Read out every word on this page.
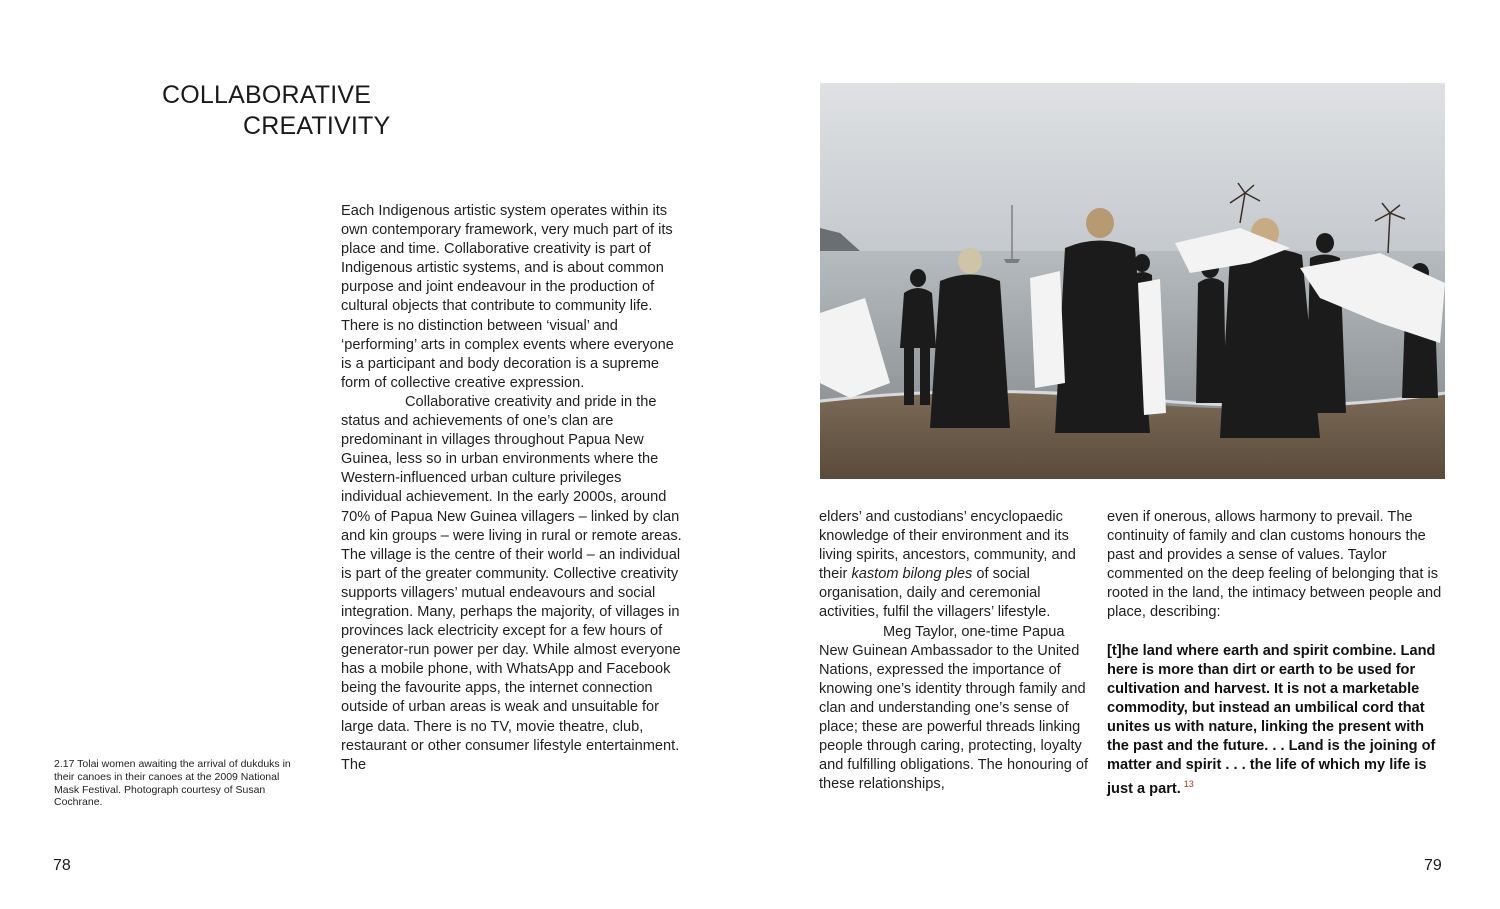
COLLABORATIVE
CREATIVITY

Each Indigenous artistic system operates within its own contemporary framework, very much part of its place and time. Collaborative creativity is part of Indigenous artistic systems, and is about common purpose and joint endeavour in the production of cultural objects that contribute to community life. There is no distinction between ‘visual’ and ‘performing’ arts in complex events where everyone is a participant and body decoration is a supreme form of collective creative expression.

Collaborative creativity and pride in the status and achievements of one’s clan are predominant in villages throughout Papua New Guinea, less so in urban environments where the Western-influenced urban culture privileges individual achievement. In the early 2000s, around 70% of Papua New Guinea villagers – linked by clan and kin groups – were living in rural or remote areas. The village is the centre of their world – an individual is part of the greater community. Collective creativity supports villagers’ mutual endeavours and social integration. Many, perhaps the majority, of villages in provinces lack electricity except for a few hours of generator-run power per day. While almost everyone has a mobile phone, with WhatsApp and Facebook being the favourite apps, the internet connection outside of urban areas is weak and unsuitable for large data. There is no TV, movie theatre, club, restaurant or other consumer lifestyle entertainment. The

2.17 Tolai women awaiting the arrival of dukduks in their canoes in their canoes at the 2009 National Mask Festival. Photograph courtesy of Susan Cochrane.
78

elders’ and custodians’ encyclopaedic knowledge of their environment and its living spirits, ancestors, community, and their kastom bilong ples of social organisation, daily and ceremonial activities, fulfil the villagers’ lifestyle.

Meg Taylor, one-time Papua New Guinean Ambassador to the United Nations, expressed the importance of knowing one’s identity through family and clan and understanding one’s sense of place; these are powerful threads linking people through caring, protecting, loyalty and fulfilling obligations. The honouring of these relationships,

even if onerous, allows harmony to prevail. The continuity of family and clan customs honours the past and provides a sense of values. Taylor commented on the deep feeling of belonging that is rooted in the land, the intimacy between people and place, describing:

[t]he land where earth and spirit combine. Land here is more than dirt or earth to be used for cultivation and harvest. It is not a marketable commodity, but instead an umbilical cord that unites us with nature, linking the present with the past and the future. . . Land is the joining of matter and spirit . . . the life of which my life is just a part. $^{13}$

79
